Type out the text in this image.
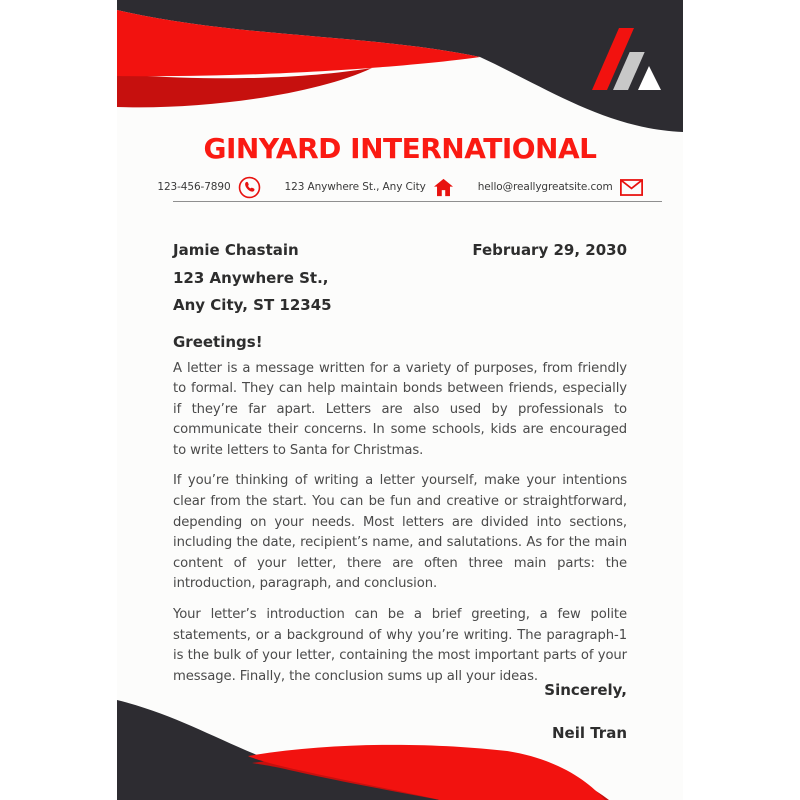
GINYARD INTERNATIONAL
123-456-7890	123 Anywhere St., Any City	hello@reallygreatsite.com
Jamie Chastain
123 Anywhere St.,
Any City, ST 12345
February 29, 2030
Greetings!

A letter is a message written for a variety of purposes, from friendly to formal. They can help maintain bonds between friends, especially if they’re far apart. Letters are also used by professionals to communicate their concerns. In some schools, kids are encouraged to write letters to Santa for Christmas.

If you’re thinking of writing a letter yourself, make your intentions clear from the start. You can be fun and creative or straightforward, depending on your needs. Most letters are divided into sections, including the date, recipient’s name, and salutations. As for the main content of your letter, there are often three main parts: the introduction, paragraph, and conclusion.

Your letter’s introduction can be a brief greeting, a few polite statements, or a background of why you’re writing. The paragraph-1 is the bulk of your letter, containing the most important parts of your message. Finally, the conclusion sums up all your ideas.

Sincerely,
Neil Tran
